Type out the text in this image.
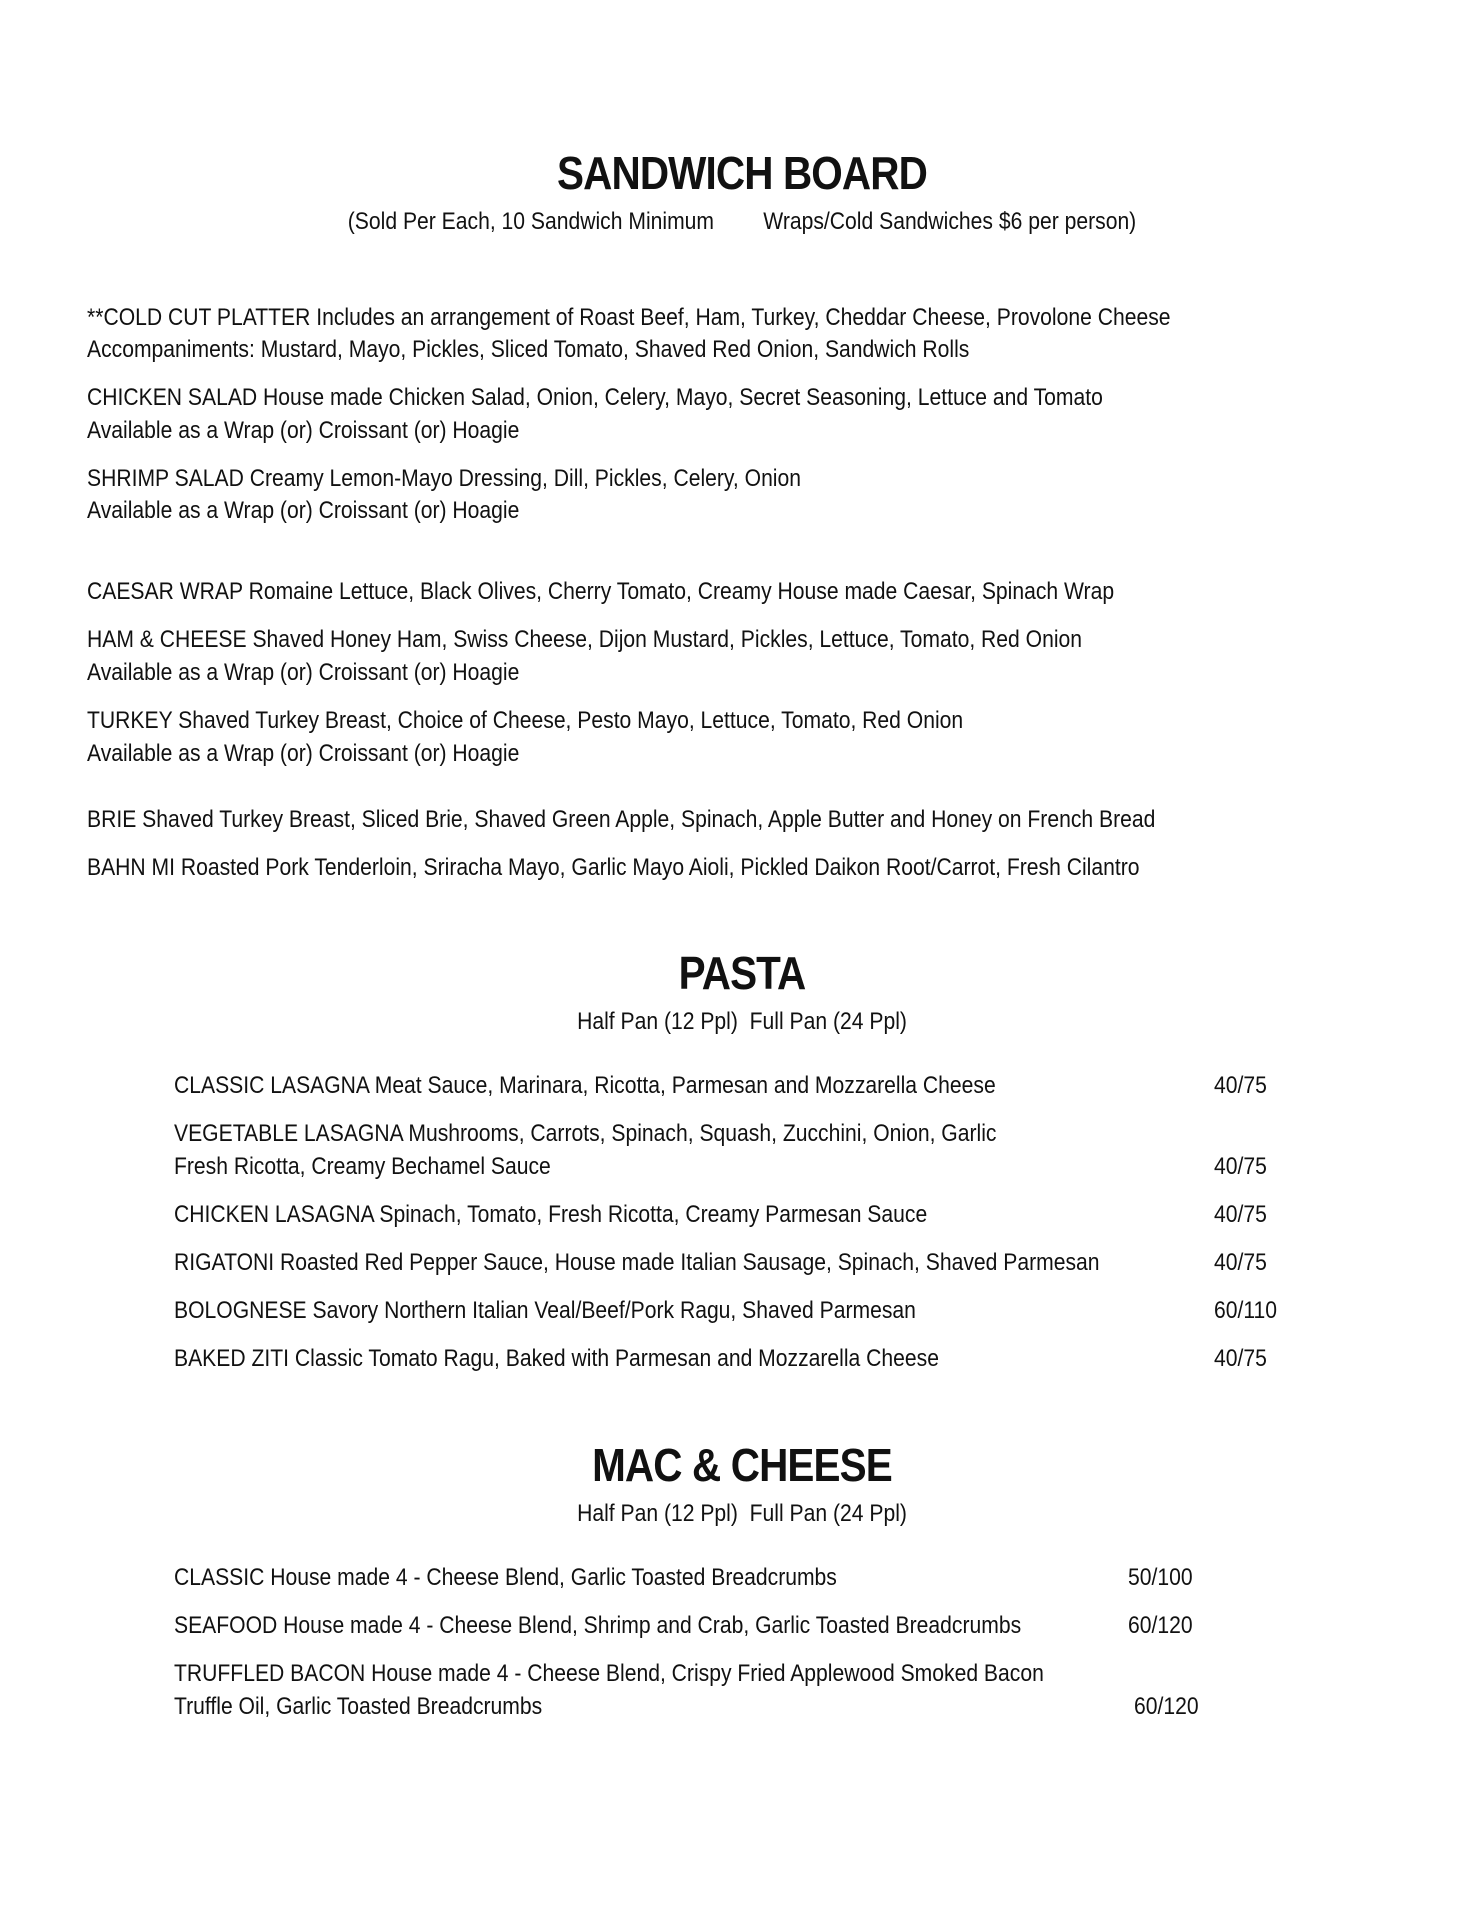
SANDWICH BOARD
(Sold Per Each, 10 Sandwich Minimum Wraps/Cold Sandwiches $6 per person)

**COLD CUT PLATTER Includes an arrangement of Roast Beef, Ham, Turkey, Cheddar Cheese, Provolone Cheese

Accompaniments: Mustard, Mayo, Pickles, Sliced Tomato, Shaved Red Onion, Sandwich Rolls

CHICKEN SALAD House made Chicken Salad, Onion, Celery, Mayo, Secret Seasoning, Lettuce and Tomato

Available as a Wrap (or) Croissant (or) Hoagie

SHRIMP SALAD Creamy Lemon-Mayo Dressing, Dill, Pickles, Celery, Onion

Available as a Wrap (or) Croissant (or) Hoagie

CAESAR WRAP Romaine Lettuce, Black Olives, Cherry Tomato, Creamy House made Caesar, Spinach Wrap

HAM & CHEESE Shaved Honey Ham, Swiss Cheese, Dijon Mustard, Pickles, Lettuce, Tomato, Red Onion

Available as a Wrap (or) Croissant (or) Hoagie

TURKEY Shaved Turkey Breast, Choice of Cheese, Pesto Mayo, Lettuce, Tomato, Red Onion

Available as a Wrap (or) Croissant (or) Hoagie

BRIE Shaved Turkey Breast, Sliced Brie, Shaved Green Apple, Spinach, Apple Butter and Honey on French Bread

BAHN MI Roasted Pork Tenderloin, Sriracha Mayo, Garlic Mayo Aioli, Pickled Daikon Root/Carrot, Fresh Cilantro

PASTA
Half Pan (12 Ppl)  Full Pan (24 Ppl)

CLASSIC LASAGNA Meat Sauce, Marinara, Ricotta, Parmesan and Mozzarella Cheese	40/75

VEGETABLE LASAGNA Mushrooms, Carrots, Spinach, Squash, Zucchini, Onion, Garlic

Fresh Ricotta, Creamy Bechamel Sauce	40/75

CHICKEN LASAGNA Spinach, Tomato, Fresh Ricotta, Creamy Parmesan Sauce	40/75

RIGATONI Roasted Red Pepper Sauce, House made Italian Sausage, Spinach, Shaved Parmesan	40/75

BOLOGNESE Savory Northern Italian Veal/Beef/Pork Ragu, Shaved Parmesan	60/110

BAKED ZITI Classic Tomato Ragu, Baked with Parmesan and Mozzarella Cheese	40/75

MAC & CHEESE
Half Pan (12 Ppl)  Full Pan (24 Ppl)

CLASSIC House made 4 - Cheese Blend, Garlic Toasted Breadcrumbs	50/100

SEAFOOD House made 4 - Cheese Blend, Shrimp and Crab, Garlic Toasted Breadcrumbs	60/120

TRUFFLED BACON House made 4 - Cheese Blend, Crispy Fried Applewood Smoked Bacon

Truffle Oil, Garlic Toasted Breadcrumbs	60/120
